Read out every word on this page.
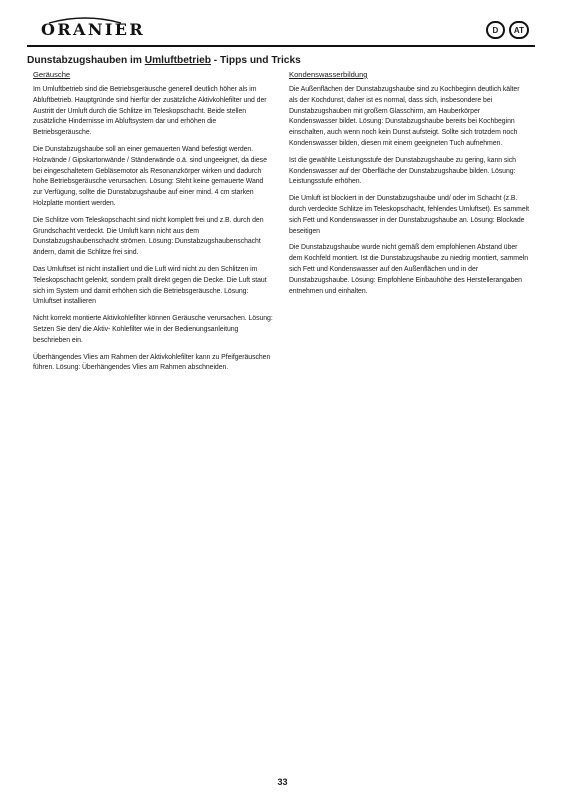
ORANIER	D	AT
Dunstabzugshauben im Umluftbetrieb - Tipps und Tricks
Geräusche

Im Umluftbetrieb sind die Betriebsgeräusche generell deutlich höher als im Abluftbetrieb. Hauptgründe sind hierfür der zusätzliche Aktivkohlefilter und der Austritt der Umluft durch die Schlitze im Teleskopschacht. Beide stellen zusätzliche Hindernisse im Abluftsystem dar und erhöhen die Betriebsgeräusche.

Die Dunstabzugshaube soll an einer gemauerten Wand befestigt werden. Holzwände / Gipskartonwände / Ständerwände o.ä. sind ungeeignet, da diese bei eingeschaltetem Gebläsemotor als Resonanzkörper wirken und dadurch hohe Betriebsgeräusche verursachen. Lösung: Steht keine gemauerte Wand zur Verfügung, sollte die Dunstabzugshaube auf einer mind. 4 cm starken Holzplatte montiert werden.

Die Schlitze vom Teleskopschacht sind nicht komplett frei und z.B. durch den Grundschacht verdeckt. Die Umluft kann nicht aus dem Dunstabzugshaubenschacht strömen. Lösung: Dunstabzugshaubenschacht ändern, damit die Schlitze frei sind.

Das Umluftset ist nicht installiert und die Luft wird nicht zu den Schlitzen im Teleskopschacht gelenkt, sondern prallt direkt gegen die Decke. Die Luft staut sich im System und damit erhöhen sich die Betriebsgeräusche. Lösung: Umluftset installieren

Nicht korrekt montierte Aktivkohlefilter können Geräusche verursachen. Lösung: Setzen Sie den/ die Aktiv- Kohlefilter wie in der Bedienungsanleitung beschrieben ein.

Überhängendes Vlies am Rahmen der Aktivkohlefilter kann zu Pfeifgeräuschen führen. Lösung: Überhängendes Vlies am Rahmen abschneiden.

Kondenswasserbildung

Die Außenflächen der Dunstabzugshaube sind zu Kochbeginn deutlich kälter als der Kochdunst, daher ist es normal, dass sich, insbesondere bei Dunstabzugshauben mit großem Glasschirm, am Hauberkörper Kondenswasser bildet. Lösung: Dunstabzugshaube bereits bei Kochbeginn einschalten, auch wenn noch kein Dunst aufsteigt. Sollte sich trotzdem noch Kondenswasser bilden, diesen mit einem geeigneten Tuch aufnehmen.

Ist die gewählte Leistungsstufe der Dunstabzugshaube zu gering, kann sich Kondenswasser auf der Oberfläche der Dunstabzugshaube bilden. Lösung: Leistungsstufe erhöhen.

Die Umluft ist blockiert in der Dunstabzugshaube und/ oder im Schacht (z.B. durch verdeckte Schlitze im Teleskopschacht, fehlendes Umluftset). Es sammelt sich Fett und Kondenswasser in der Dunstabzugshaube an. Lösung: Blockade beseitigen

Die Dunstabzugshaube wurde nicht gemäß dem empfohlenen Abstand über dem Kochfeld montiert. Ist die Dunstabzugshaube zu niedrig montiert, sammeln sich Fett und Kondenswasser auf den Außenflächen und in der Dunstabzugshaube. Lösung: Empfohlene Einbauhöhe des Herstellerangaben entnehmen und einhalten.

33
